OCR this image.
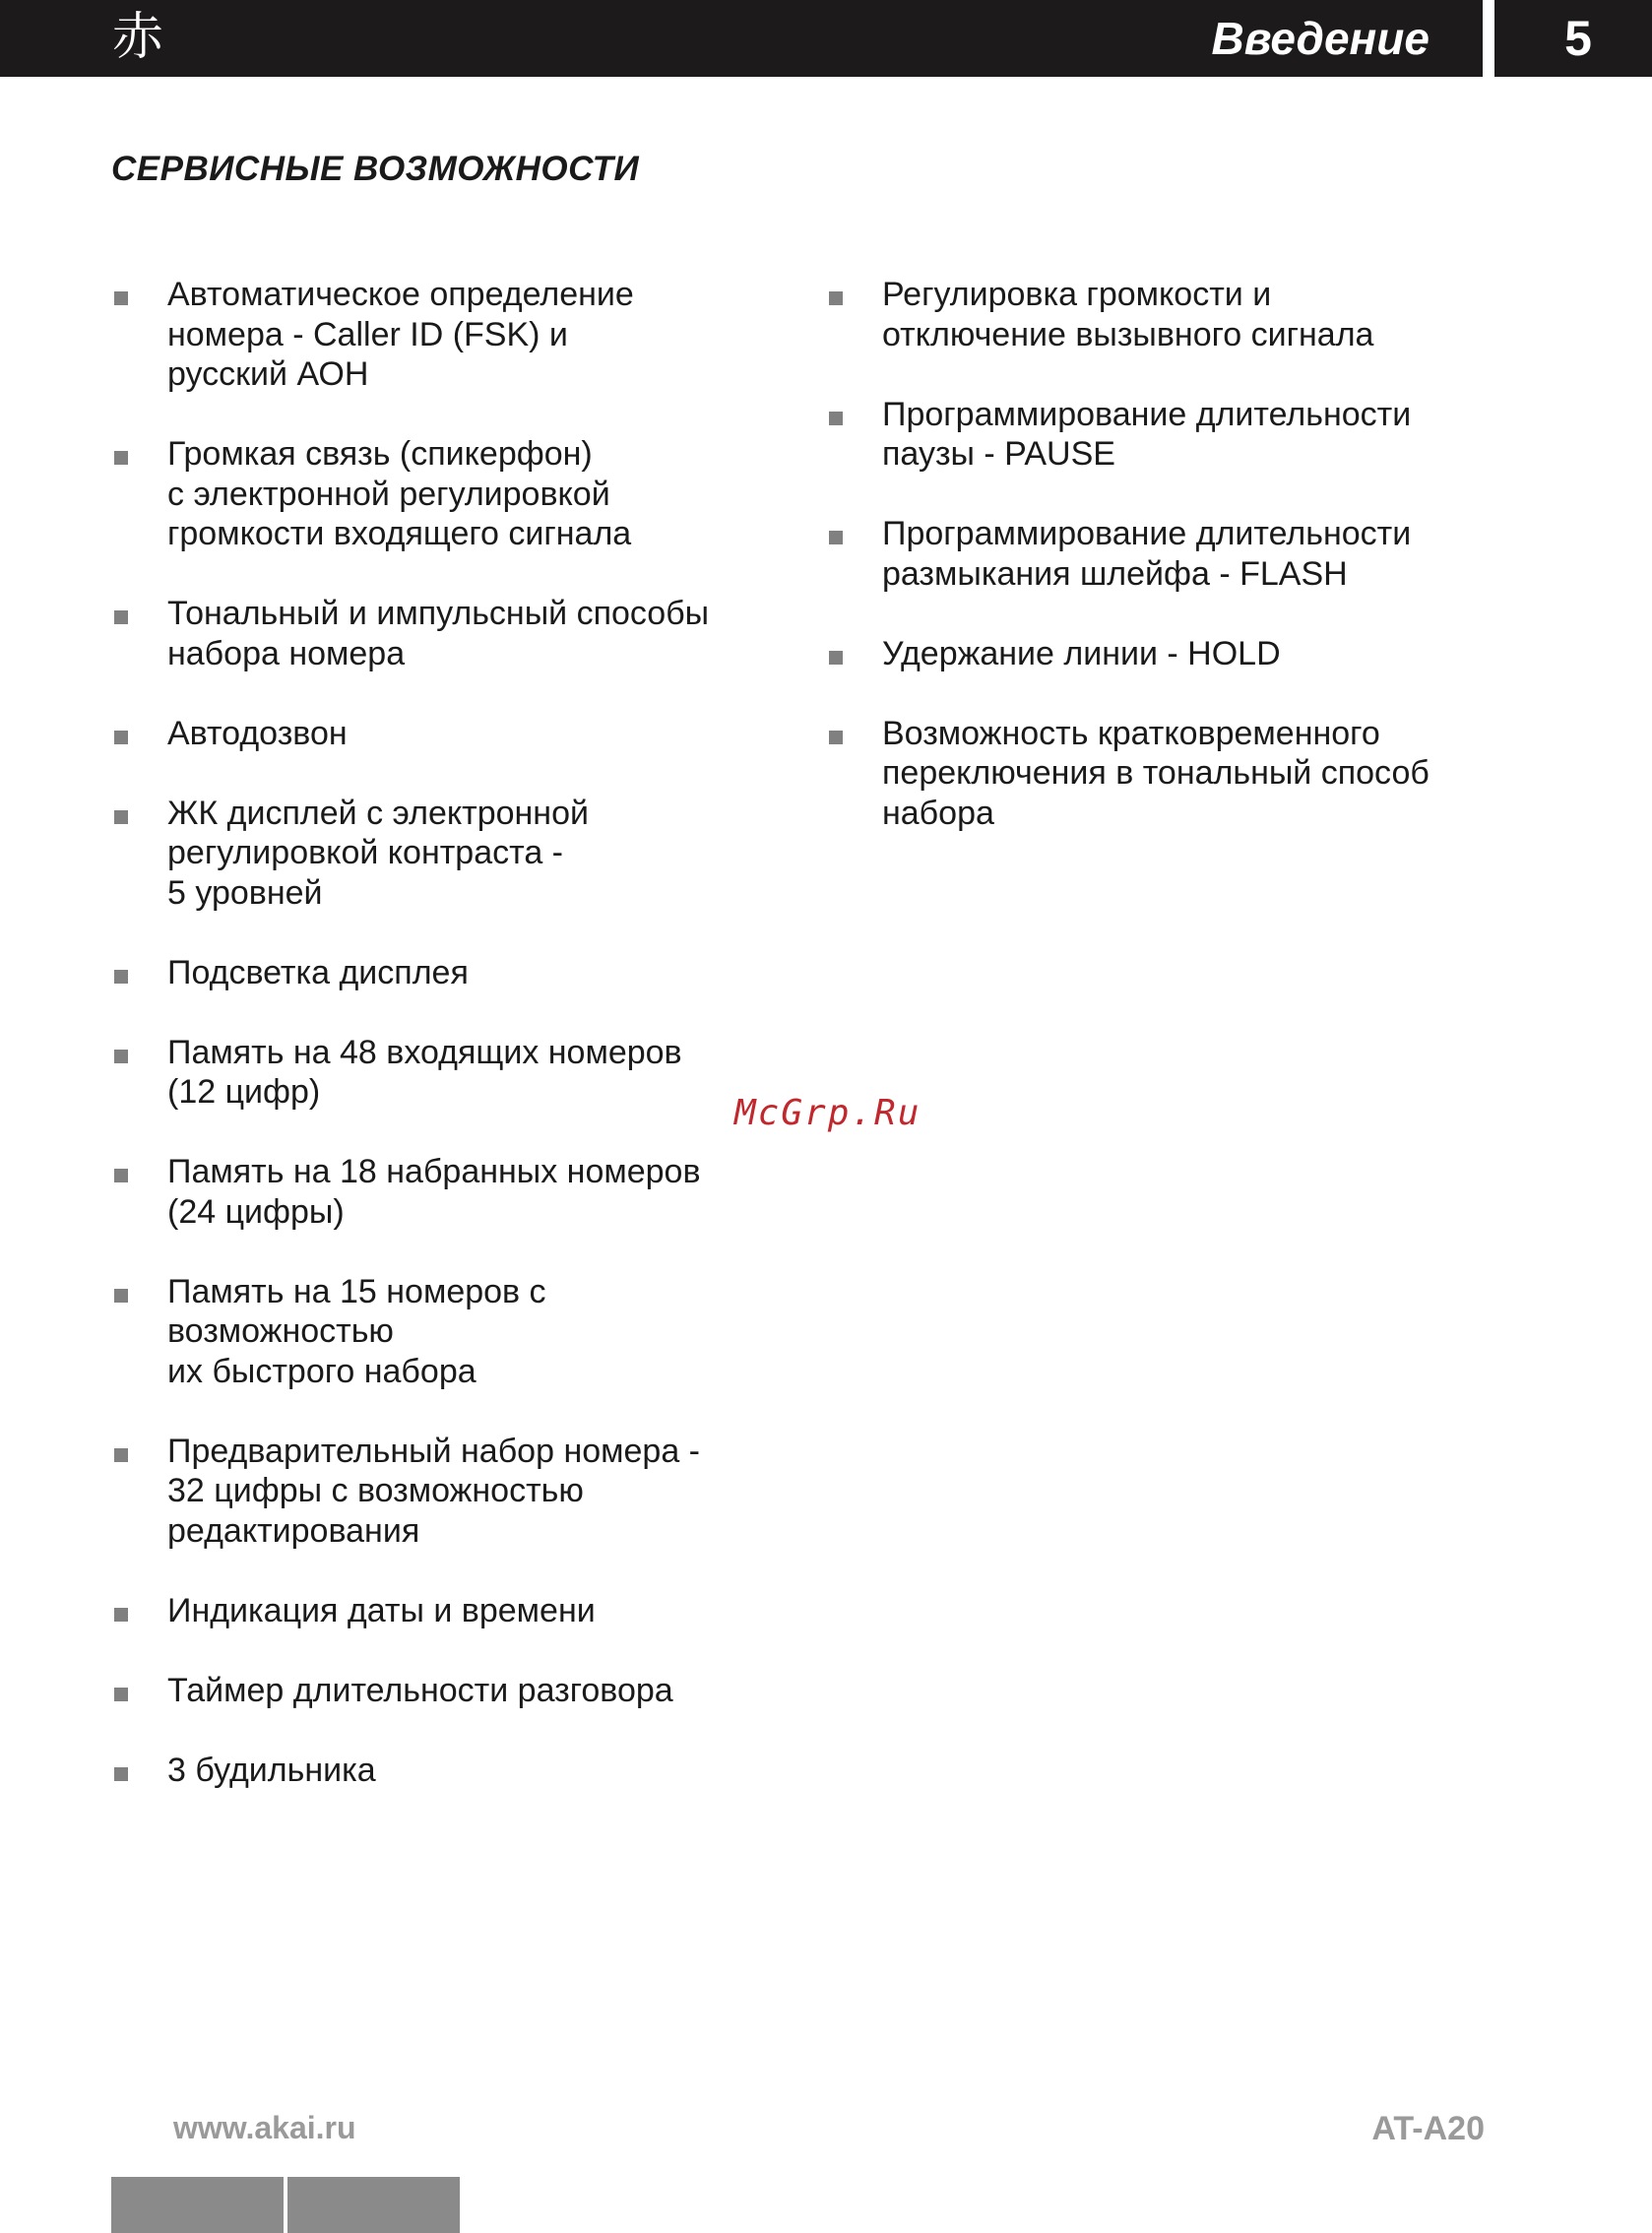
赤	Введение	5
СЕРВИСНЫЕ ВОЗМОЖНОСТИ
Автоматическое определение
номера - Caller ID (FSK) и
русский АОН
Громкая связь (спикерфон)
с электронной регулировкой
громкости входящего сигнала
Тональный и импульсный способы
набора номера
Автодозвон
ЖК дисплей с электронной
регулировкой контраста -
5 уровней
Подсветка дисплея
Память на 48 входящих номеров
(12 цифр)
Память на 18 набранных номеров
(24 цифры)
Память на 15 номеров с
возможностью
их быстрого набора
Предварительный набор номера -
32 цифры с возможностью
редактирования
Индикация даты и времени
Таймер длительности разговора
3 будильника
Регулировка громкости и
отключение вызывного сигнала
Программирование длительности
паузы - PAUSE
Программирование длительности
размыкания шлейфа - FLASH
Удержание линии - HOLD
Возможность кратковременного
переключения в тональный способ
набора
McGrp.Ru
www.akai.ru	AT-A20
